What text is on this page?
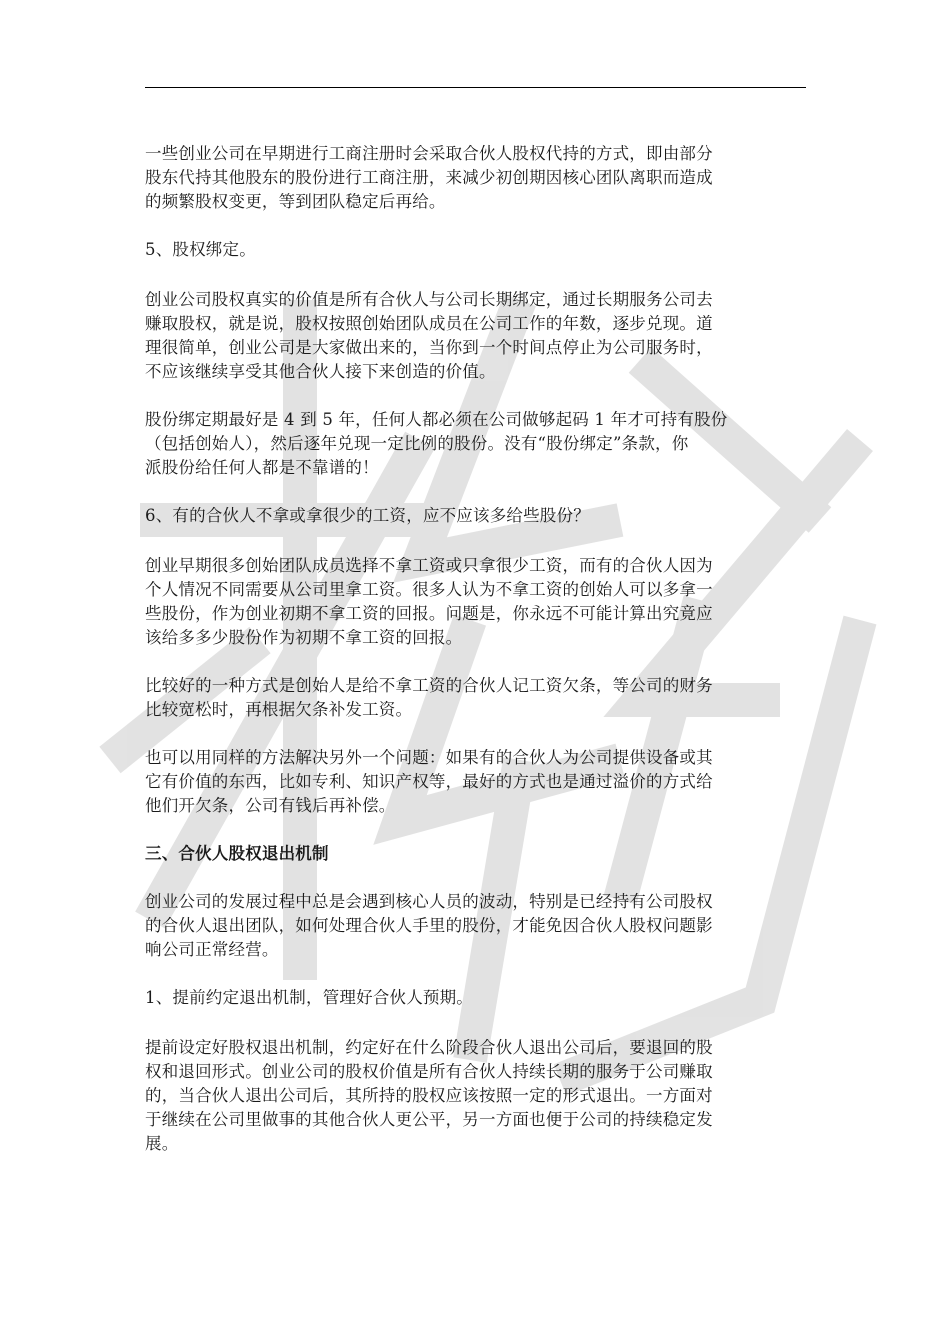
一些创业公司在早期进行工商注册时会采取合伙人股权代持的方式，即由部分
股东代持其他股东的股份进行工商注册，来减少初创期因核心团队离职而造成
的频繁股权变更，等到团队稳定后再给。

5、股权绑定。

创业公司股权真实的价值是所有合伙人与公司长期绑定，通过长期服务公司去
赚取股权，就是说，股权按照创始团队成员在公司工作的年数，逐步兑现。道
理很简单，创业公司是大家做出来的，当你到一个时间点停止为公司服务时，
不应该继续享受其他合伙人接下来创造的价值。

股份绑定期最好是 4 到 5 年，任何人都必须在公司做够起码 1 年才可持有股份
（包括创始人），然后逐年兑现一定比例的股份。没有“股份绑定”条款，你
派股份给任何人都是不靠谱的！

6、有的合伙人不拿或拿很少的工资，应不应该多给些股份？

创业早期很多创始团队成员选择不拿工资或只拿很少工资，而有的合伙人因为
个人情况不同需要从公司里拿工资。很多人认为不拿工资的创始人可以多拿一
些股份，作为创业初期不拿工资的回报。问题是，你永远不可能计算出究竟应
该给多多少股份作为初期不拿工资的回报。

比较好的一种方式是创始人是给不拿工资的合伙人记工资欠条，等公司的财务
比较宽松时，再根据欠条补发工资。

也可以用同样的方法解决另外一个问题：如果有的合伙人为公司提供设备或其
它有价值的东西，比如专利、知识产权等，最好的方式也是通过溢价的方式给
他们开欠条，公司有钱后再补偿。

三、合伙人股权退出机制

创业公司的发展过程中总是会遇到核心人员的波动，特别是已经持有公司股权
的合伙人退出团队，如何处理合伙人手里的股份，才能免因合伙人股权问题影
响公司正常经营。

1、提前约定退出机制，管理好合伙人预期。

提前设定好股权退出机制，约定好在什么阶段合伙人退出公司后，要退回的股
权和退回形式。创业公司的股权价值是所有合伙人持续长期的服务于公司赚取
的，当合伙人退出公司后，其所持的股权应该按照一定的形式退出。一方面对
于继续在公司里做事的其他合伙人更公平，另一方面也便于公司的持续稳定发
展。
